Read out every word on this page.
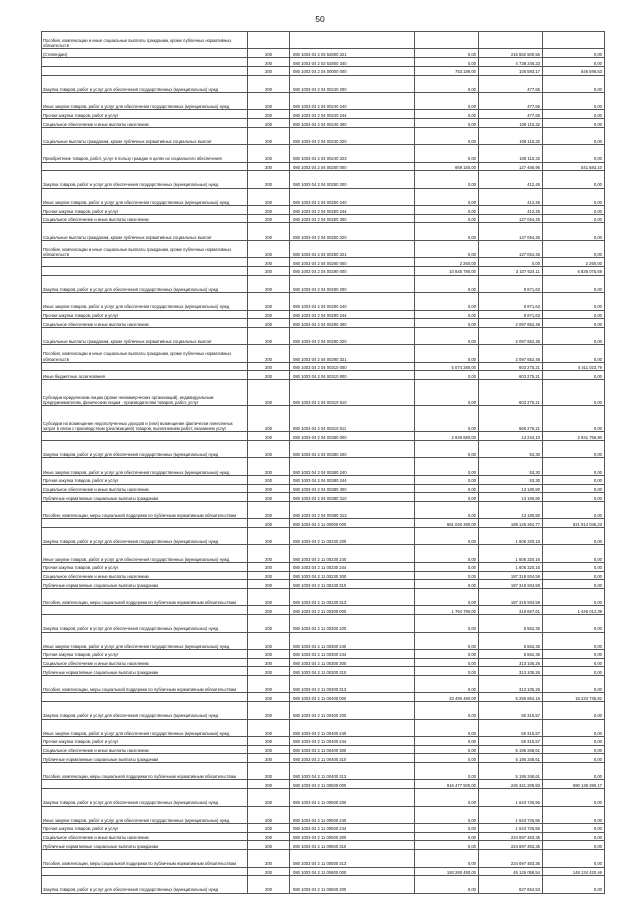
50
Пособия, компенсации и иные социальные выплаты гражданам, кроме публичных нормативных обязательств					
(Стипендии)	200	080 1003 04 2 03 52800 321	0,00	216 682 500,56	0,00
	200	080 1003 04 2 03 52800 340	0,00	4 738 246,23	0,00
	200	080 1003 04 2 04 00000 000	753 189,00	106 593,17	646 596,53
Закупка товаров, работ и услуг для обеспечения государственных (муниципальных) нужд	200	080 1003 04 2 04 00240 200	0,00	477,65	0,00
Иные закупки товаров, работ и услуг для обеспечения государственных (муниципальных) нужд	200	080 1003 04 2 04 00240 240	0,00	477,65	0,00
Прочая закупка товаров, работ и услуг	200	080 1003 04 2 04 00240 244	0,00	477,65	0,00
Социальное обеспечение и иные выплаты населению	200	080 1003 04 2 04 00240 300	0,00	106 115,32	0,00
Социальные выплаты гражданам, кроме публичных нормативных социальных выплат	200	080 1003 04 2 04 00240 320	0,00	106 115,32	0,00
Приобретение товаров, работ, услуг в пользу граждан в целях их социального обеспечения	200	080 1003 04 2 04 00240 323	0,00	106 115,32	0,00
	200	080 1003 04 2 04 00250 000	669 150,00	127 466,96	541 683,10
Закупка товаров, работ и услуг для обеспечения государственных (муниципальных) нужд	200	080 1003 04 2 04 00250 200	0,00	412,45	0,00
Иные закупки товаров, работ и услуг для обеспечения государственных (муниципальных) нужд	200	080 1003 04 2 04 00250 240	0,00	412,45	0,00
Прочая закупка товаров, работ и услуг	200	080 1003 04 2 04 00250 244	0,00	412,45	0,00
Социальное обеспечение и иные выплаты населению	200	080 1003 04 2 04 00250 300	0,00	127 054,45	0,00
Социальные выплаты гражданам, кроме публичных нормативных социальных выплат	200	080 1003 04 2 04 00250 320	0,00	127 054,45	0,00
Пособия, компенсации и иные социальные выплаты гражданам, кроме публичных нормативных обязательств	200	080 1003 04 2 04 00250 321	0,00	127 054,45	0,00
	200	080 1003 04 2 04 00260 000	2 260,00	0,00	2 260,00
	200	080 1003 04 2 04 00290 000	10 845 790,00	3 107 624,11	6 836 075,69
Закупка товаров, работ и услуг для обеспечения государственных (муниципальных) нужд	200	080 1003 04 2 04 00290 200	0,00	8 971,63	0,00
Иные закупки товаров, работ и услуг для обеспечения государственных (муниципальных) нужд	200	080 1003 04 2 04 00290 240	0,00	8 971,63	0,00
Прочая закупка товаров, работ и услуг	200	080 1003 04 2 04 00290 244	0,00	8 971,63	0,00
Социальное обеспечение и иные выплаты населению	200	080 1003 04 2 04 00290 300	0,00	2 097 652,48	0,00
Социальные выплаты гражданам, кроме публичных нормативных социальных выплат	200	080 1003 04 2 04 00290 320	0,00	2 097 652,48	0,00
Пособия, компенсации и иные социальные выплаты гражданам, кроме публичных нормативных обязательств	200	080 1003 04 2 04 00290 321	0,00	2 097 652,48	0,00
	200	080 1003 04 2 04 00310 000	5 074 280,00	603 275,21	4 411 023,79
Иные бюджетные ассигнования	200	080 1003 04 2 04 00310 800	0,00	603 275,21	0,00
Субсидии юридическим лицам (кроме некоммерческих организаций), индивидуальным предпринимателям, физическим лицам - производителям товаров, работ, услуг	200	080 1003 04 2 04 00310 810	0,00	603 275,21	0,00
Субсидии на возмещение недополученных доходов и (или) возмещение фактически понесенных затрат в связи с производством (реализацией) товаров, выполнением работ, оказанием услуг	200	080 1003 04 2 04 00310 811	0,00	666 276,21	0,00
	200	080 1003 04 2 04 00380 000	2 946 680,00	13 234,10	2 931 755,90
Закупка товаров, работ и услуг для обеспечения государственных (муниципальных) нужд	200	080 1003 04 2 04 00380 200	0,00	53,30	0,00
Иные закупки товаров, работ и услуг для обеспечения государственных (муниципальных) нужд	200	080 1003 04 2 04 00380 240	0,00	53,30	0,00
Прочая закупка товаров, работ и услуг	200	080 1003 04 2 04 00380 244	0,00	53,30	0,00
Социальное обеспечение и иные выплаты населению	200	080 1003 04 2 04 00380 300	0,00	13 180,80	0,00
Публичные нормативные социальные выплаты гражданам	200	080 1003 04 2 04 00380 310	0,00	13 180,80	0,00
Пособия, компенсации, меры социальной поддержки по публичным нормативным обязательствам	200	080 1003 04 2 04 00380 313	0,00	13 180,80	0,00
	200	080 1003 04 2 11 00000 000	661 040 280,00	189 126 264,77	521 914 046,23
Закупка товаров, работ и услуг для обеспечения государственных (муниципальных) нужд	200	080 1003 04 2 11 00230 200	0,00	1 606 320,16	0,00
Иные закупки товаров, работ и услуг для обеспечения государственных (муниципальных) нужд	200	080 1003 04 2 11 00230 240	0,00	1 606 320,16	0,00
Прочая закупка товаров, работ и услуг	200	080 1003 04 2 11 00230 244	0,00	1 606 320,16	0,00
Социальное обеспечение и иные выплаты населению	200	080 1003 04 2 11 00230 300	0,00	187 318 934,59	0,00
Публичные нормативные социальные выплаты гражданам	200	080 1003 04 2 11 00230 310	0,00	187 318 934,59	0,00
Пособия, компенсации, меры социальной поддержки по публичным нормативным обязательствам	200	080 1003 04 2 11 00230 313	0,00	187 318 934,59	0,00
	200	080 1003 04 2 11 00300 000	1 764 790,00	318 667,61	1 446 012,39
Закупка товаров, работ и услуг для обеспечения государственных (муниципальных) нужд	200	080 1003 04 2 11 00300 200	0,00	5 562,35	0,00
Иные закупки товаров, работ и услуг для обеспечения государственных (муниципальных) нужд	200	080 1003 04 2 11 00300 240	0,00	5 562,35	0,00
Прочая закупка товаров, работ и услуг	200	080 1003 04 2 11 00300 244	0,00	5 562,35	0,00
Социальное обеспечение и иные выплаты населению	200	080 1003 04 2 11 00300 300	0,00	313 105,26	0,00
Публичные нормативные социальные выплаты гражданам	200	080 1003 04 2 11 00300 310	0,00	313 105,26	0,00
Пособия, компенсации, меры социальной поддержки по публичным нормативным обязательствам	200	080 1003 04 2 11 00300 313	0,00	313 105,26	0,00
	200	080 1003 04 2 11 00400 000	23 490 480,00	5 255 664,18	18 234 735,82
Закупка товаров, работ и услуг для обеспечения государственных (муниципальных) нужд	200	080 1003 04 2 11 00400 200	0,00	60 315,57	0,00
Иные закупки товаров, работ и услуг для обеспечения государственных (муниципальных) нужд	200	080 1003 04 2 11 00400 240	0,00	60 315,57	0,00
Прочая закупка товаров, работ и услуг	200	080 1003 04 2 11 00400 244	0,00	60 315,57	0,00
Социальное обеспечение и иные выплаты населению	200	080 1003 04 2 11 00400 300	0,00	5 195 348,61	0,00
Публичные нормативные социальные выплаты гражданам	200	080 1003 04 2 11 00400 310	0,00	5 195 348,61	0,00
Пособия, компенсации, меры социальной поддержки по публичным нормативным обязательствам	200	080 1003 04 2 11 00400 313	0,00	5 195 348,61	0,00
	200	080 1003 04 2 11 00500 000	916 477 500,00	226 341 209,83	690 136 290,17
Закупка товаров, работ и услуг для обеспечения государственных (муниципальных) нужд	200	080 1003 04 2 11 00500 200	0,00	1 643 726,56	0,00
Иные закупки товаров, работ и услуг для обеспечения государственных (муниципальных) нужд	200	080 1003 04 2 11 00500 240	0,00	1 643 726,56	0,00
Прочая закупка товаров, работ и услуг	200	080 1003 04 2 11 00500 244	0,00	1 643 726,56	0,00
Социальное обеспечение и иные выплаты населению	200	080 1003 04 2 11 00500 300	0,00	224 697 483,35	0,00
Публичные нормативные социальные выплаты гражданам	200	080 1003 04 2 11 00500 310	0,00	224 697 483,35	0,00
Пособия, компенсации, меры социальной поддержки по публичным нормативным обязательствам	200	080 1003 04 2 11 00500 313	0,00	224 697 483,35	0,00
	200	080 1003 04 2 11 00600 000	193 260 480,00	45 126 059,54	148 134 420,46
Закупка товаров, работ и услуг для обеспечения государственных (муниципальных) нужд	200	080 1003 04 2 11 00600 200	0,00	627 654,53	0,00
